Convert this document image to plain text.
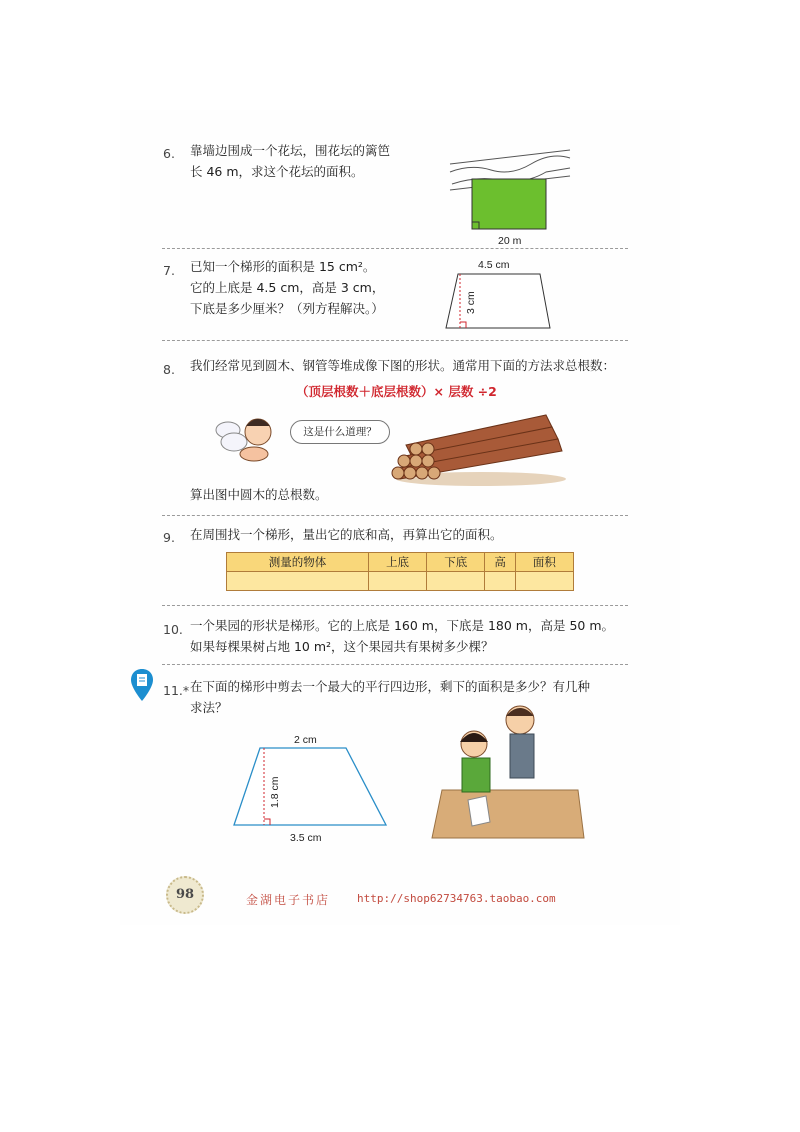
6. 靠墙边围成一个花坛，围花坛的篱笆
长 46 m，求这个花坛的面积。
20 m
7. 已知一个梯形的面积是 15 cm²。
它的上底是 4.5 cm，高是 3 cm，
下底是多少厘米？（列方程解决。）
4.5 cm
3 cm
8. 我们经常见到圆木、钢管等堆成像下图的形状。通常用下面的方法求总根数：
（顶层根数＋底层根数）× 层数 ÷2
这是什么道理？
算出图中圆木的总根数。
9. 在周围找一个梯形，量出它的底和高，再算出它的面积。
测量的物体	上底	下底	高	面积

10. 一个果园的形状是梯形。它的上底是 160 m，下底是 180 m，高是 50 m。
如果每棵果树占地 10 m²，这个果园共有果树多少棵？
11.* 在下面的梯形中剪去一个最大的平行四边形，剩下的面积是多少？有几种
求法？
2 cm
1.8 cm
3.5 cm
98	金湖电子书店 http://shop62734763.taobao.com
